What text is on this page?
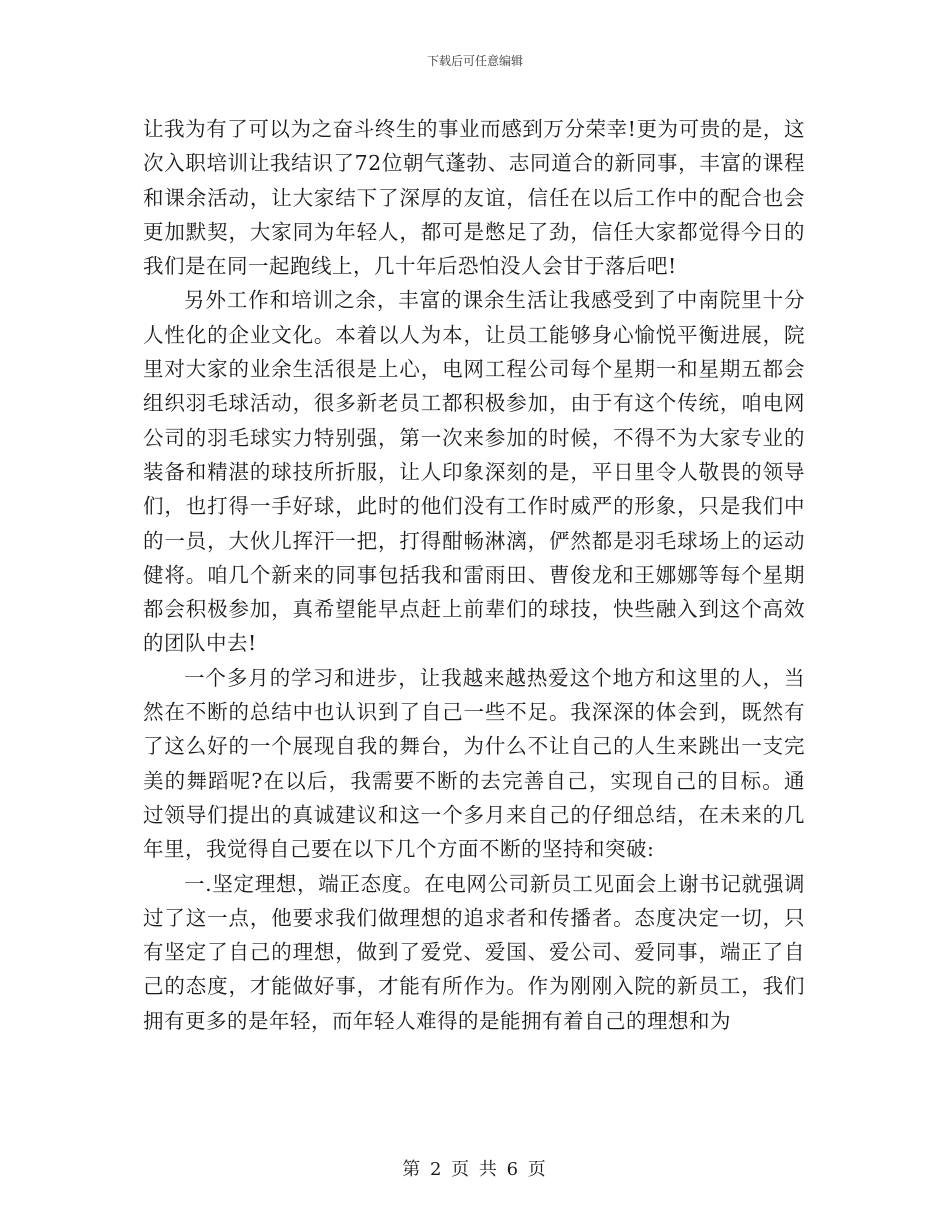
下载后可任意编辑

让我为有了可以为之奋斗终生的事业而感到万分荣幸!更为可贵的是，这次入职培训让我结识了72位朝气蓬勃、志同道合的新同事，丰富的课程和课余活动，让大家结下了深厚的友谊，信任在以后工作中的配合也会更加默契，大家同为年轻人，都可是憋足了劲，信任大家都觉得今日的我们是在同一起跑线上，几十年后恐怕没人会甘于落后吧!

另外工作和培训之余，丰富的课余生活让我感受到了中南院里十分人性化的企业文化。本着以人为本，让员工能够身心愉悦平衡进展，院里对大家的业余生活很是上心，电网工程公司每个星期一和星期五都会组织羽毛球活动，很多新老员工都积极参加，由于有这个传统，咱电网公司的羽毛球实力特别强，第一次来参加的时候，不得不为大家专业的装备和精湛的球技所折服，让人印象深刻的是，平日里令人敬畏的领导们，也打得一手好球，此时的他们没有工作时威严的形象，只是我们中的一员，大伙儿挥汗一把，打得酣畅淋漓，俨然都是羽毛球场上的运动健将。咱几个新来的同事包括我和雷雨田、曹俊龙和王娜娜等每个星期都会积极参加，真希望能早点赶上前辈们的球技，快些融入到这个高效的团队中去!

一个多月的学习和进步，让我越来越热爱这个地方和这里的人，当然在不断的总结中也认识到了自己一些不足。我深深的体会到，既然有了这么好的一个展现自我的舞台，为什么不让自己的人生来跳出一支完美的舞蹈呢?在以后，我需要不断的去完善自己，实现自己的目标。通过领导们提出的真诚建议和这一个多月来自己的仔细总结，在未来的几年里，我觉得自己要在以下几个方面不断的坚持和突破:

一.坚定理想，端正态度。在电网公司新员工见面会上谢书记就强调过了这一点，他要求我们做理想的追求者和传播者。态度决定一切，只有坚定了自己的理想，做到了爱党、爱国、爱公司、爱同事，端正了自己的态度，才能做好事，才能有所作为。作为刚刚入院的新员工，我们拥有更多的是年轻，而年轻人难得的是能拥有着自己的理想和为

第 2 页 共 6 页
